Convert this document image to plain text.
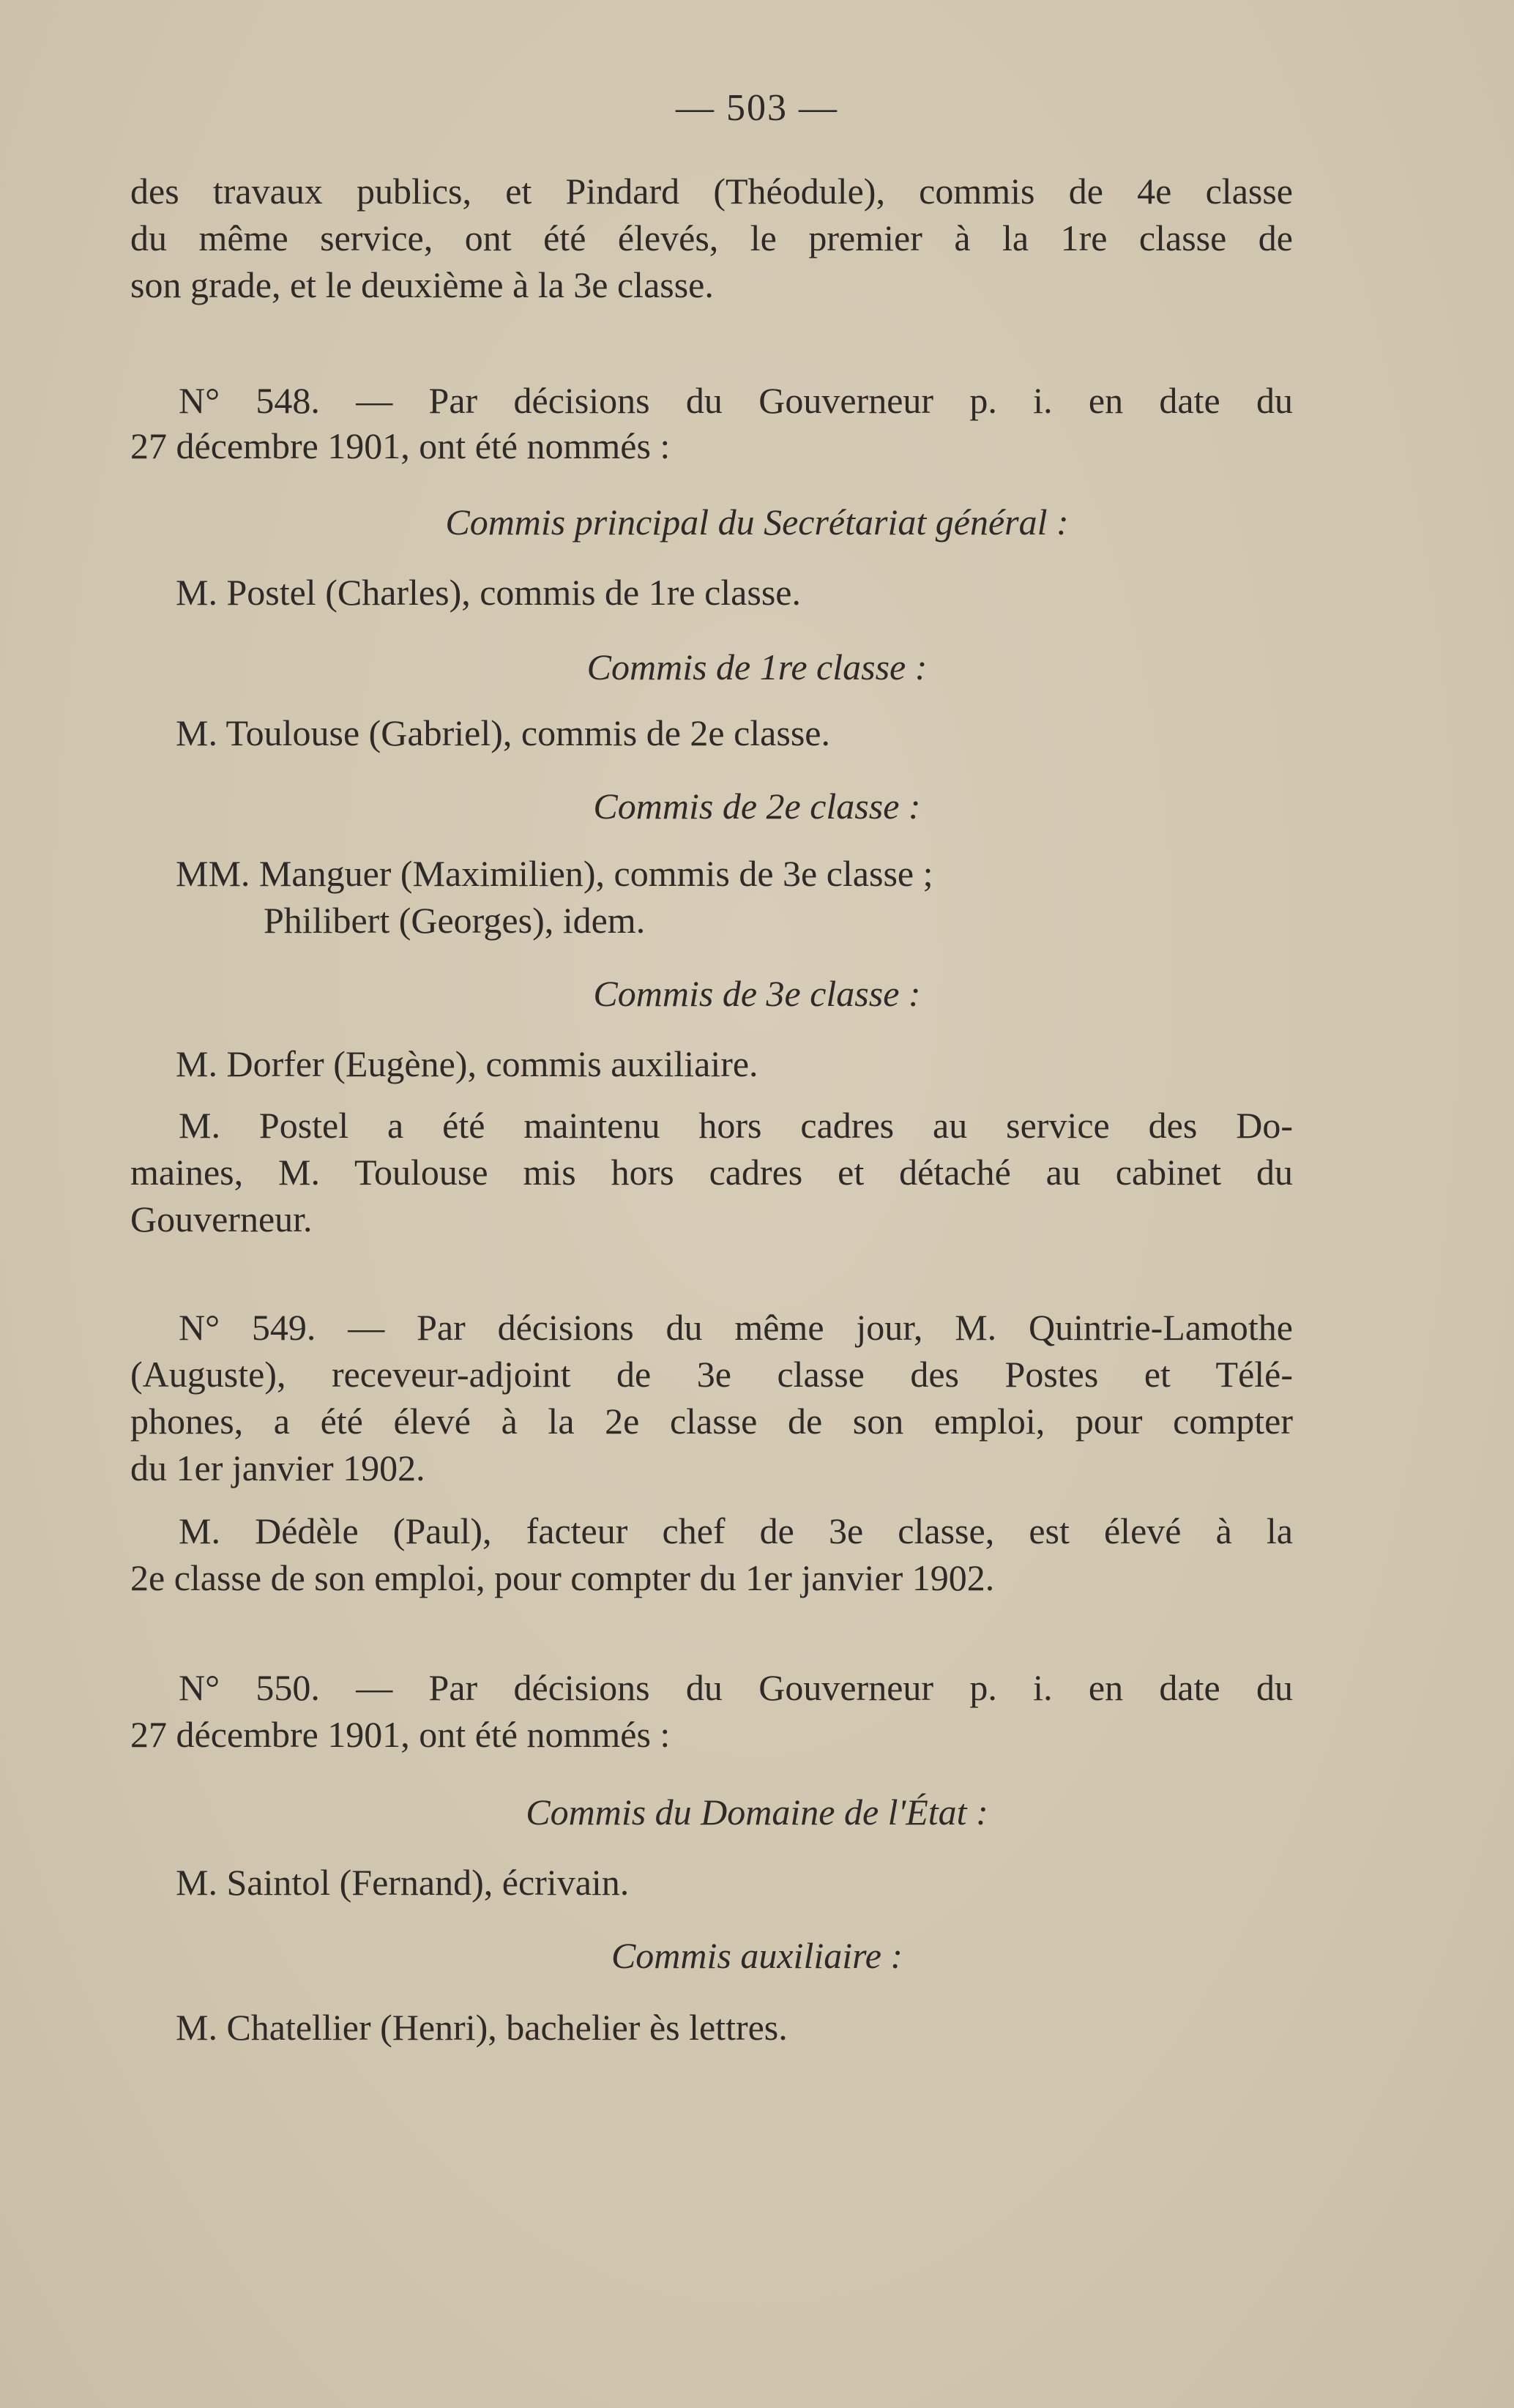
— 503 —
des travaux publics, et Pindard (Théodule), commis de 4e classe
du même service, ont été élevés, le premier à la 1re classe de
son grade, et le deuxième à la 3e classe.
N° 548. — Par décisions du Gouverneur p. i. en date du
27 décembre 1901, ont été nommés :
Commis principal du Secrétariat général :
M. Postel (Charles), commis de 1re classe.
Commis de 1re classe :
M. Toulouse (Gabriel), commis de 2e classe.
Commis de 2e classe :
MM. Manguer (Maximilien), commis de 3e classe ;
Philibert (Georges), idem.
Commis de 3e classe :
M. Dorfer (Eugène), commis auxiliaire.
M. Postel a été maintenu hors cadres au service des Do-
maines, M. Toulouse mis hors cadres et détaché au cabinet du
Gouverneur.
N° 549. — Par décisions du même jour, M. Quintrie-Lamothe
(Auguste), receveur-adjoint de 3e classe des Postes et Télé-
phones, a été élevé à la 2e classe de son emploi, pour compter
du 1er janvier 1902.
M. Dédèle (Paul), facteur chef de 3e classe, est élevé à la
2e classe de son emploi, pour compter du 1er janvier 1902.
N° 550. — Par décisions du Gouverneur p. i. en date du
27 décembre 1901, ont été nommés :
Commis du Domaine de l'État :
M. Saintol (Fernand), écrivain.
Commis auxiliaire :
M. Chatellier (Henri), bachelier ès lettres.
